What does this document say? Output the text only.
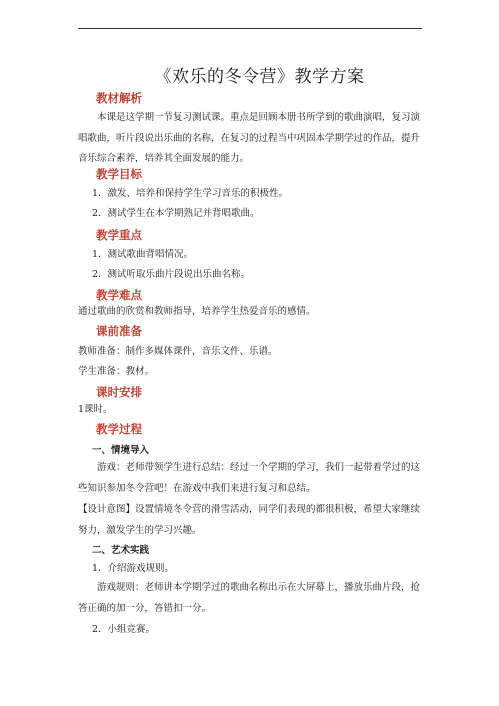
《欢乐的冬令营》教学方案
教材解析
本课是这学期一节复习测试课。重点是回顾本册书所学到的歌曲演唱，复习演唱歌曲，听片段说出乐曲的名称，在复习的过程当中巩固本学期学过的作品，提升音乐综合素养，培养其全面发展的能力。
教学目标
1．激发、培养和保持学生学习音乐的积极性。
2．测试学生在本学期熟记并背唱歌曲。
教学重点
1．测试歌曲背唱情况。
2．测试听取乐曲片段说出乐曲名称。
教学难点
通过歌曲的欣赏和教师指导，培养学生热爱音乐的感情。
课前准备
教师准备：制作多媒体课件，音乐文件、乐谱。
学生准备：教材。
课时安排
1课时。
教学过程
一、情境导入
游戏：老师带领学生进行总结：经过一个学期的学习，我们一起带着学过的这些知识参加冬令营吧！在游戏中我们来进行复习和总结。
【设计意图】设置情境冬令营的滑雪活动，同学们表现的都很积极，希望大家继续努力，激发学生的学习兴趣。
二、艺术实践
1．介绍游戏规则。
游戏规则：老师讲本学期学过的歌曲名称出示在大屏幕上，播放乐曲片段，抢答正确的加一分，答错扣一分。
2．小组竞赛。
